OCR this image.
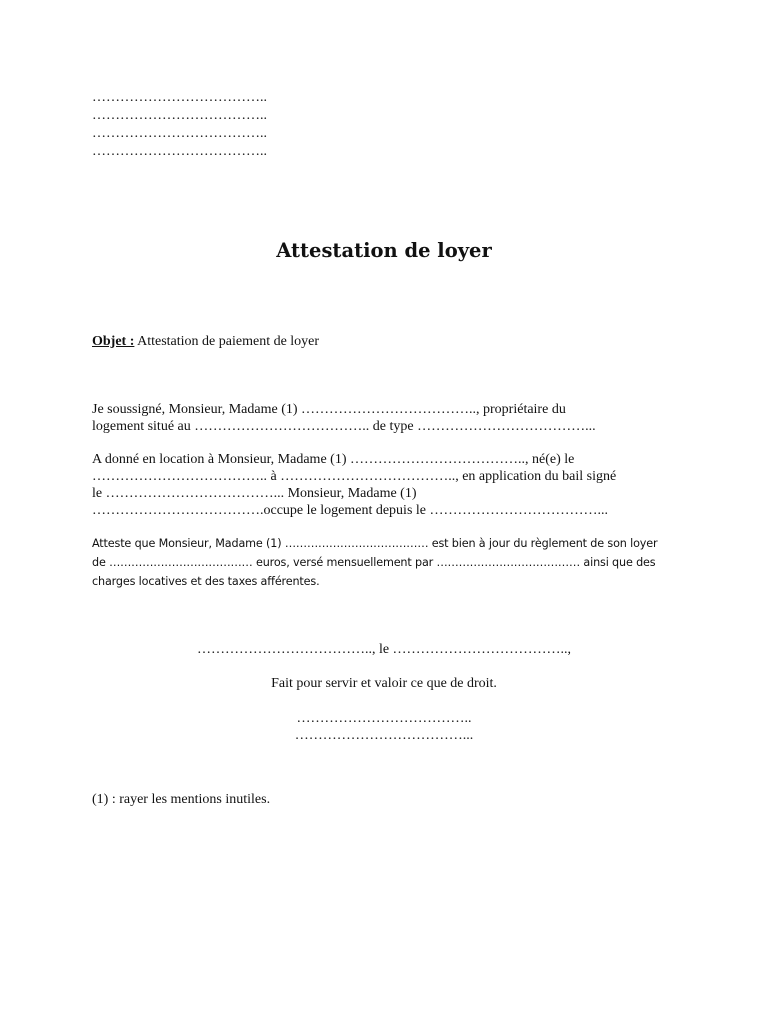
………………………………..
………………………………..
………………………………..
………………………………..
Attestation de loyer
Objet : Attestation de paiement de loyer
Je soussigné, Monsieur, Madame (1) ……………………………….., propriétaire du
logement situé au ……………………………….. de type ………………………………...
A donné en location à Monsieur, Madame (1) ……………………………….., né(e) le
……………………………….. à ……………………………….., en application du bail signé
le ………………………………... Monsieur, Madame (1)
……………………………….occupe le logement depuis le ………………………………...
Atteste que Monsieur, Madame (1) ………………………………… est bien à jour du règlement de son loyer
de ………………………………… euros, versé mensuellement par ………………………………… ainsi que des
charges locatives et des taxes afférentes.
……………………………….., le ………………………………..,
Fait pour servir et valoir ce que de droit.
………………………………..
………………………………...
(1) : rayer les mentions inutiles.
